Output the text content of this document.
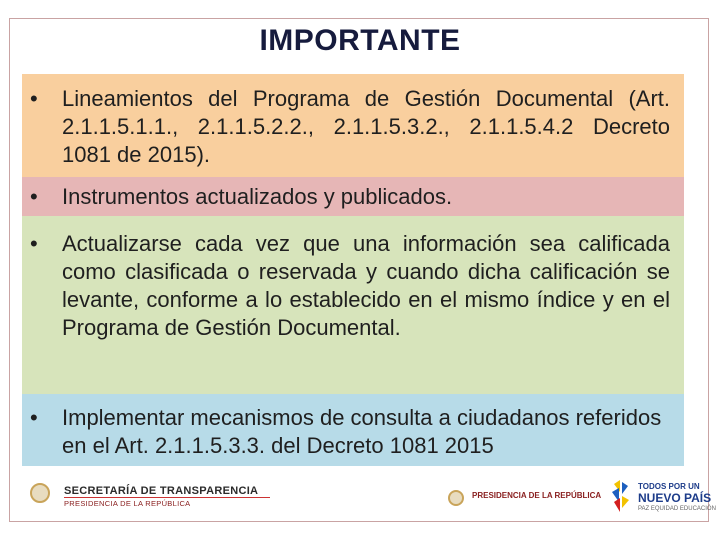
IMPORTANTE
• Lineamientos del Programa de Gestión Documental (Art. 2.1.1.5.1.1., 2.1.1.5.2.2., 2.1.1.5.3.2., 2.1.1.5.4.2 Decreto 1081 de 2015).
• Instrumentos actualizados y publicados.
• Actualizarse cada vez que una información sea calificada como clasificada o reservada y cuando dicha calificación se levante, conforme a lo establecido en el mismo índice y en el Programa de Gestión Documental.
• Implementar mecanismos de consulta a ciudadanos referidos en el Art. 2.1.1.5.3.3. del Decreto 1081 2015
SECRETARÍA DE TRANSPARENCIA
PRESIDENCIA DE LA REPÚBLICA
PRESIDENCIA DE LA REPÚBLICA
TODOS POR UN
NUEVO PAÍS
PAZ EQUIDAD EDUCACIÓN
